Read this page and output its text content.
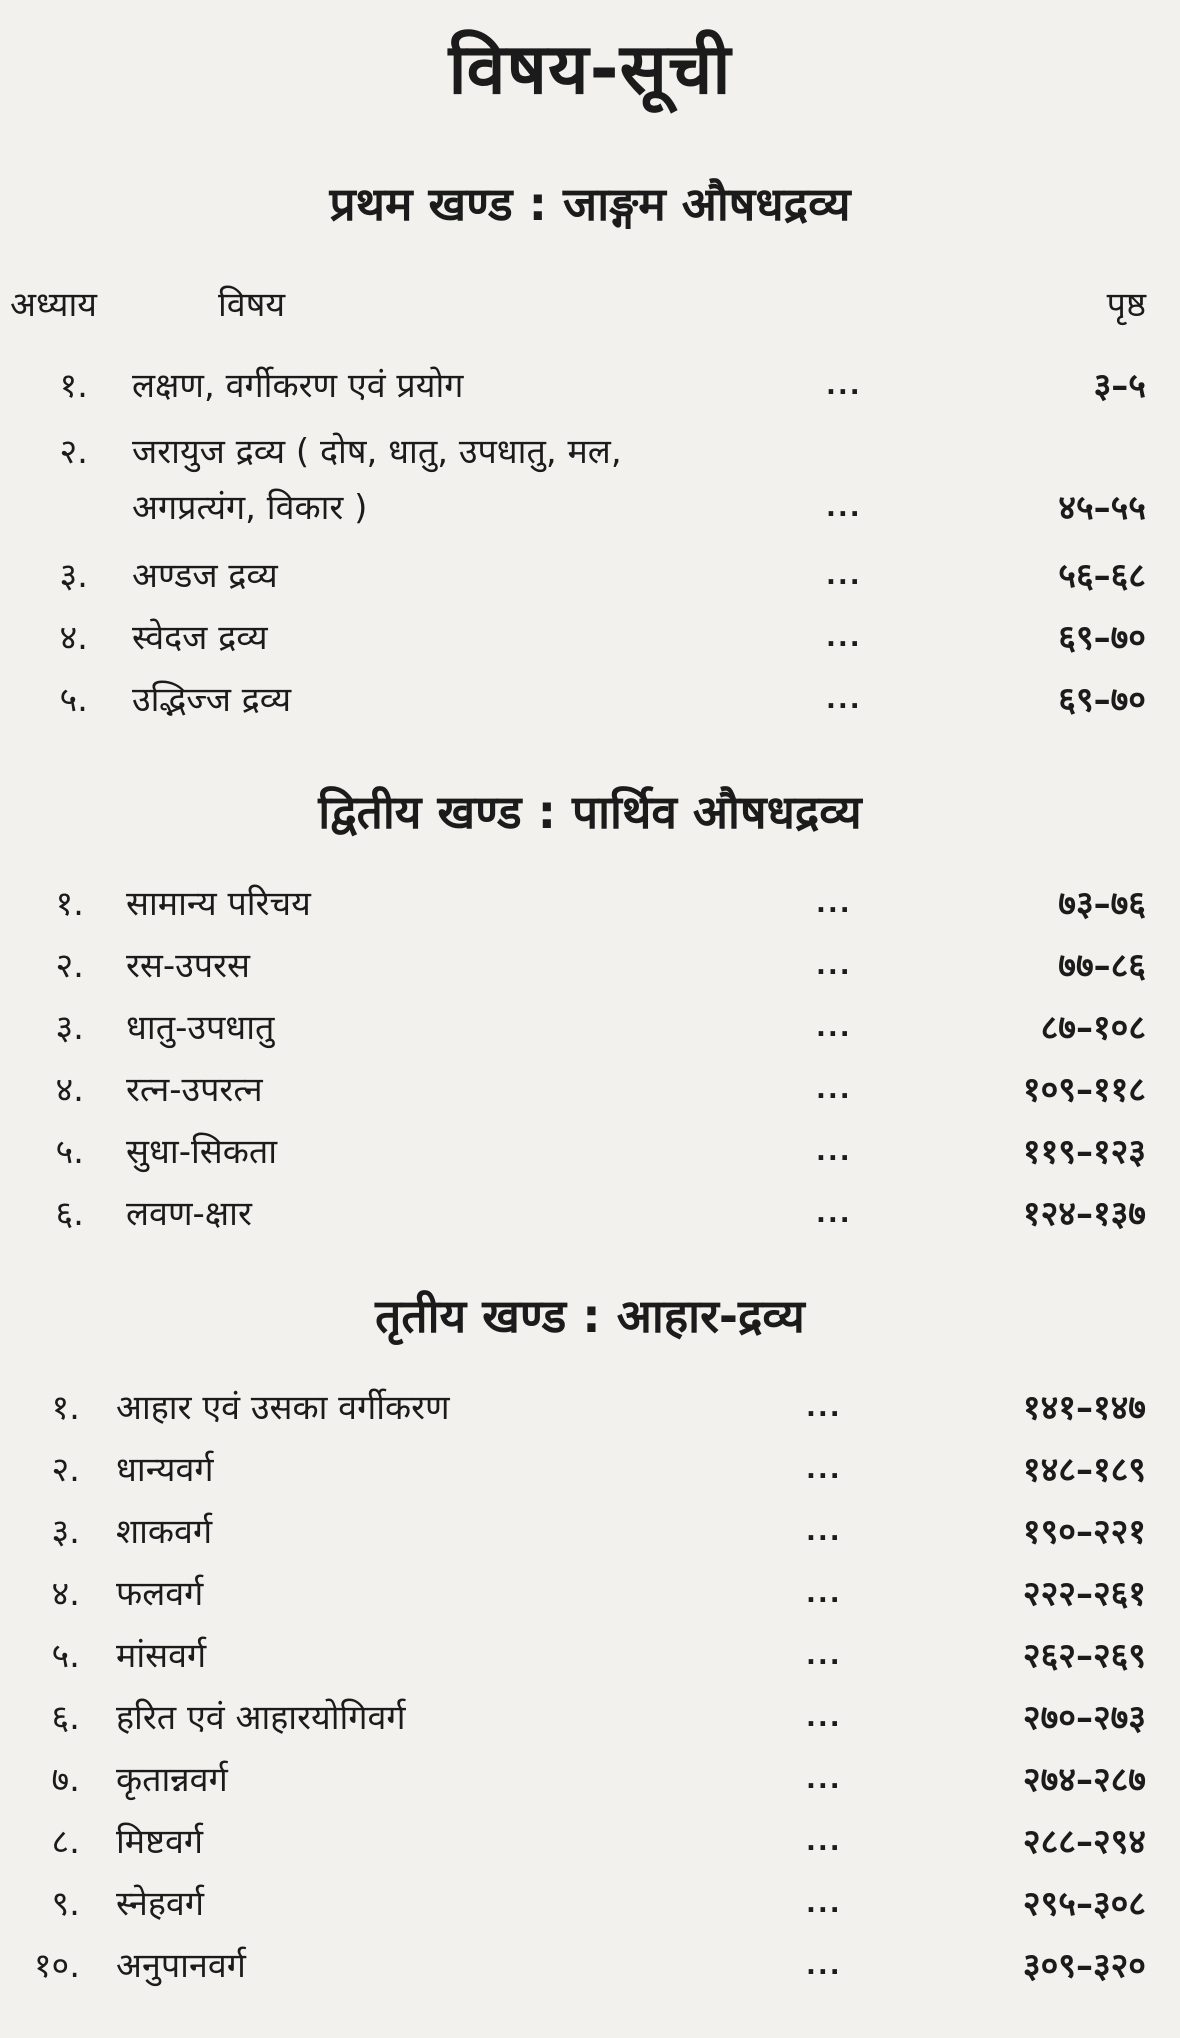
विषय-सूची
प्रथम खण्ड : जाङ्गम औषधद्रव्य
अध्याय	विषय	पृष्ठ
१. लक्षण, वर्गीकरण एवं प्रयोग	...	३–५
२. जरायुज द्रव्य ( दोष, धातु, उपधातु, मल,
अगप्रत्यंग, विकार )	...	४५–५५
३. अण्डज द्रव्य	...	५६–६८
४. स्वेदज द्रव्य	...	६९–७०
५. उद्भिज्ज द्रव्य	...	६९–७०
द्वितीय खण्ड : पार्थिव औषधद्रव्य
१. सामान्य परिचय	...	७३–७६
२. रस-उपरस	...	७७–८६
३. धातु-उपधातु	...	८७–१०८
४. रत्न-उपरत्न	...	१०९–११८
५. सुधा-सिकता	...	११९–१२३
६. लवण-क्षार	...	१२४–१३७
तृतीय खण्ड : आहार-द्रव्य
१. आहार एवं उसका वर्गीकरण	...	१४१–१४७
२. धान्यवर्ग	...	१४८–१८९
३. शाकवर्ग	...	१९०–२२१
४. फलवर्ग	...	२२२–२६१
५. मांसवर्ग	...	२६२–२६९
६. हरित एवं आहारयोगिवर्ग	...	२७०–२७३
७. कृतान्नवर्ग	...	२७४–२८७
८. मिष्टवर्ग	...	२८८–२९४
९. स्नेहवर्ग	...	२९५–३०८
१०. अनुपानवर्ग	...	३०९–३२०
